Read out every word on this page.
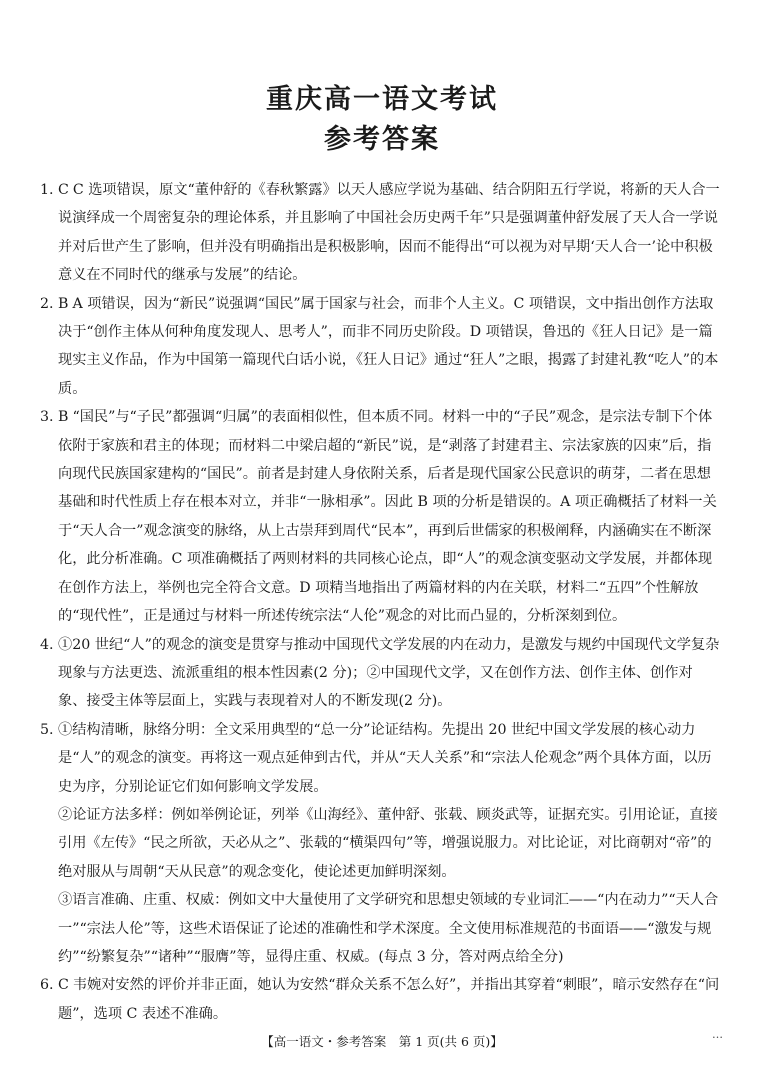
重庆高一语文考试
参考答案
1. C C 选项错误，原文“董仲舒的《春秋繁露》以天人感应学说为基础、结合阴阳五行学说，将新的天人合一说演绎成一个周密复杂的理论体系，并且影响了中国社会历史两千年”只是强调董仲舒发展了天人合一学说并对后世产生了影响，但并没有明确指出是积极影响，因而不能得出“可以视为对早期‘天人合一’论中积极意义在不同时代的继承与发展”的结论。
2. B A 项错误，因为“新民”说强调“国民”属于国家与社会，而非个人主义。C 项错误，文中指出创作方法取决于“创作主体从何种角度发现人、思考人”，而非不同历史阶段。D 项错误，鲁迅的《狂人日记》是一篇现实主义作品，作为中国第一篇现代白话小说，《狂人日记》通过“狂人”之眼，揭露了封建礼教“吃人”的本质。
3. B “国民”与“子民”都强调“归属”的表面相似性，但本质不同。材料一中的“子民”观念，是宗法专制下个体依附于家族和君主的体现；而材料二中梁启超的“新民”说，是“剥落了封建君主、宗法家族的囚束”后，指向现代民族国家建构的“国民”。前者是封建人身依附关系，后者是现代国家公民意识的萌芽，二者在思想基础和时代性质上存在根本对立，并非“一脉相承”。因此 B 项的分析是错误的。A 项正确概括了材料一关于“天人合一”观念演变的脉络，从上古崇拜到周代“民本”，再到后世儒家的积极阐释，内涵确实在不断深化，此分析准确。C 项准确概括了两则材料的共同核心论点，即“人”的观念演变驱动文学发展，并都体现在创作方法上，举例也完全符合文意。D 项精当地指出了两篇材料的内在关联，材料二“五四”个性解放的“现代性”，正是通过与材料一所述传统宗法“人伦”观念的对比而凸显的，分析深刻到位。
4. ①20 世纪“人”的观念的演变是贯穿与推动中国现代文学发展的内在动力，是激发与规约中国现代文学复杂现象与方法更迭、流派重组的根本性因素(2 分)；②中国现代文学，又在创作方法、创作主体、创作对象、接受主体等层面上，实践与表现着对人的不断发现(2 分)。
5. ①结构清晰，脉络分明：全文采用典型的“总一分”论证结构。先提出 20 世纪中国文学发展的核心动力是“人”的观念的演变。再将这一观点延伸到古代，并从“天人关系”和“宗法人伦观念”两个具体方面，以历史为序，分别论证它们如何影响文学发展。
②论证方法多样：例如举例论证，列举《山海经》、董仲舒、张载、顾炎武等，证据充实。引用论证，直接引用《左传》“民之所欲，天必从之”、张载的“横渠四句”等，增强说服力。对比论证，对比商朝对“帝”的绝对服从与周朝“天从民意”的观念变化，使论述更加鲜明深刻。
③语言准确、庄重、权威：例如文中大量使用了文学研究和思想史领域的专业词汇——“内在动力”“天人合一”“宗法人伦”等，这些术语保证了论述的准确性和学术深度。全文使用标准规范的书面语——“激发与规约”“纷繁复杂”“诸种”“服膺”等，显得庄重、权威。(每点 3 分，答对两点给全分)
6. C 韦婉对安然的评价并非正面，她认为安然“群众关系不怎么好”，并指出其穿着“刺眼”，暗示安然存在“问题”，选项 C 表述不准确。
【高一语文・参考答案　第 1 页(共 6 页)】	…
